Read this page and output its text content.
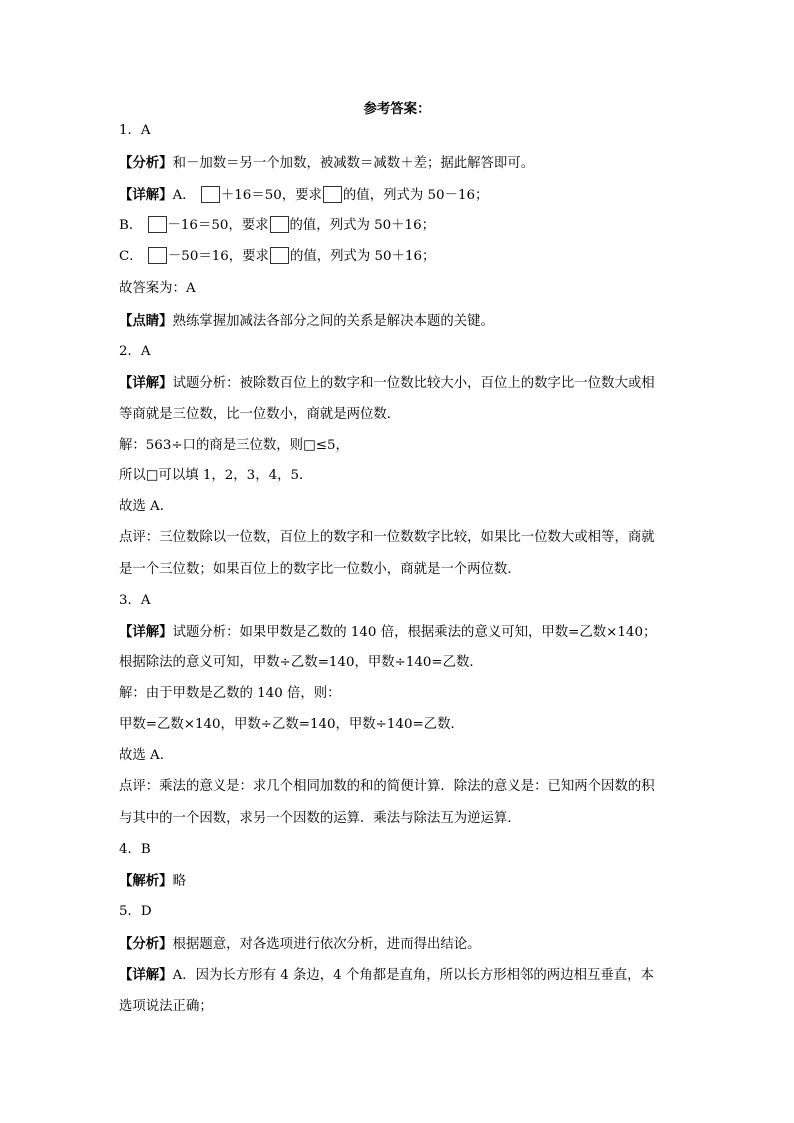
参考答案：
1．A
【分析】和－加数＝另一个加数，被减数＝减数＋差；据此解答即可。
【详解】A． ＋16＝50，要求 的值，列式为 50－16；
B． －16＝50，要求 的值，列式为 50＋16；
C． －50＝16，要求 的值，列式为 50＋16；
故答案为：A
【点睛】熟练掌握加减法各部分之间的关系是解决本题的关键。
2．A
【详解】试题分析：被除数百位上的数字和一位数比较大小，百位上的数字比一位数大或相
等商就是三位数，比一位数小，商就是两位数．
解：563÷口的商是三位数，则□≤5，
所以□可以填 1，2，3，4，5．
故选 A．
点评：三位数除以一位数，百位上的数字和一位数数字比较，如果比一位数大或相等，商就
是一个三位数；如果百位上的数字比一位数小，商就是一个两位数．
3．A
【详解】试题分析：如果甲数是乙数的 140 倍，根据乘法的意义可知，甲数=乙数×140；
根据除法的意义可知，甲数÷乙数=140，甲数÷140=乙数．
解：由于甲数是乙数的 140 倍，则：
甲数=乙数×140，甲数÷乙数=140，甲数÷140=乙数．
故选 A．
点评：乘法的意义是：求几个相同加数的和的简便计算．除法的意义是：已知两个因数的积
与其中的一个因数，求另一个因数的运算．乘法与除法互为逆运算．
4．B
【解析】略
5．D
【分析】根据题意，对各选项进行依次分析，进而得出结论。
【详解】A．因为长方形有 4 条边，4 个角都是直角，所以长方形相邻的两边相互垂直，本
选项说法正确；
